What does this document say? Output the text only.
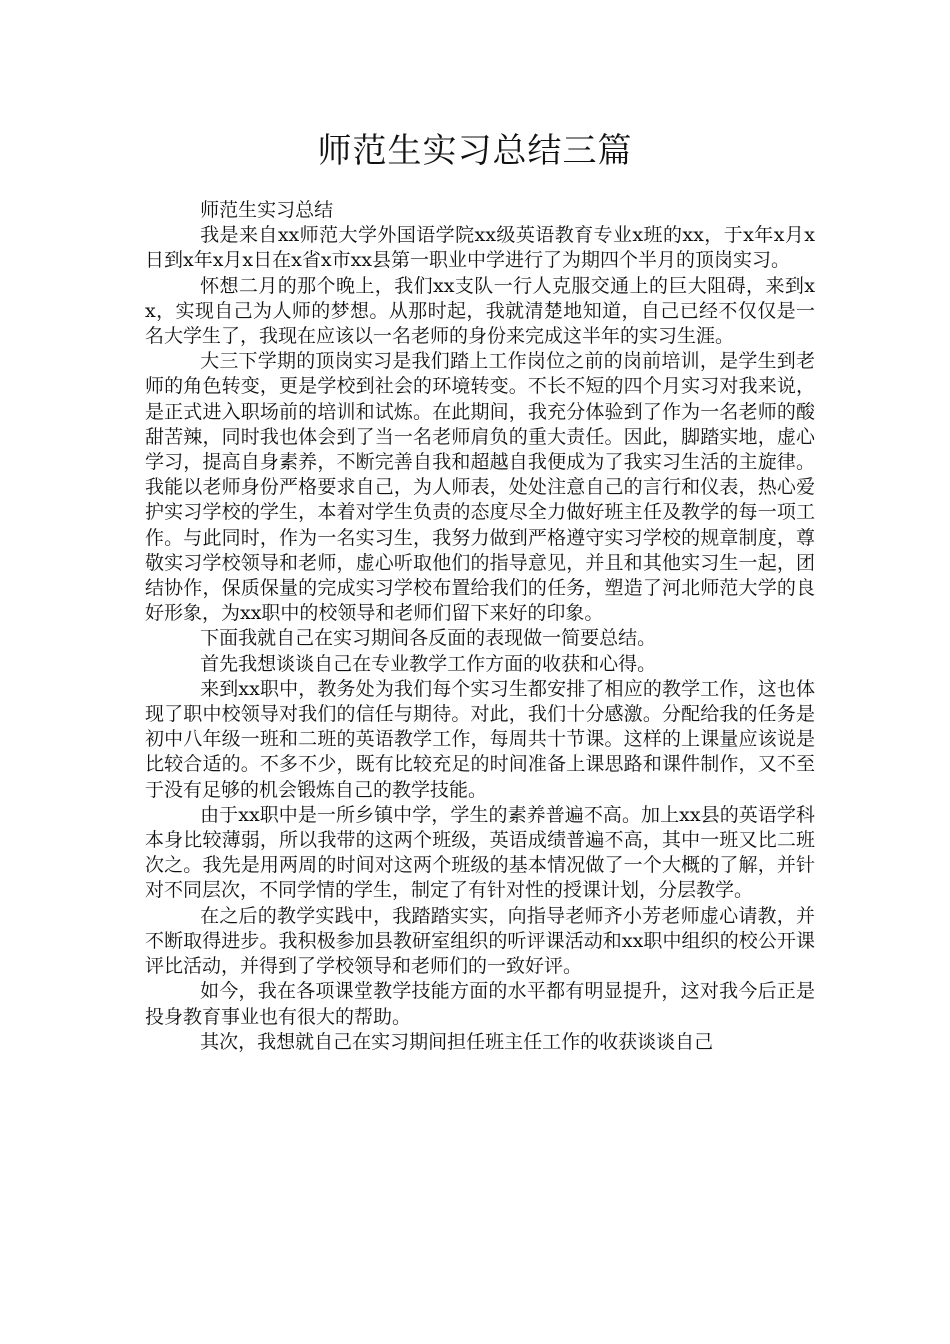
师范生实习总结三篇

师范生实习总结

我是来自xx师范大学外国语学院xx级英语教育专业x班的xx，于x年x月x日到x年x月x日在x省x市xx县第一职业中学进行了为期四个半月的顶岗实习。

怀想二月的那个晚上，我们xx支队一行人克服交通上的巨大阻碍，来到xx，实现自己为人师的梦想。从那时起，我就清楚地知道，自己已经不仅仅是一名大学生了，我现在应该以一名老师的身份来完成这半年的实习生涯。

大三下学期的顶岗实习是我们踏上工作岗位之前的岗前培训，是学生到老师的角色转变，更是学校到社会的环境转变。不长不短的四个月实习对我来说，是正式进入职场前的培训和试炼。在此期间，我充分体验到了作为一名老师的酸甜苦辣，同时我也体会到了当一名老师肩负的重大责任。因此，脚踏实地，虚心学习，提高自身素养，不断完善自我和超越自我便成为了我实习生活的主旋律。我能以老师身份严格要求自己，为人师表，处处注意自己的言行和仪表，热心爱护实习学校的学生，本着对学生负责的态度尽全力做好班主任及教学的每一项工作。与此同时，作为一名实习生，我努力做到严格遵守实习学校的规章制度，尊敬实习学校领导和老师，虚心听取他们的指导意见，并且和其他实习生一起，团结协作，保质保量的完成实习学校布置给我们的任务，塑造了河北师范大学的良好形象，为xx职中的校领导和老师们留下来好的印象。

下面我就自己在实习期间各反面的表现做一简要总结。

首先我想谈谈自己在专业教学工作方面的收获和心得。

来到xx职中，教务处为我们每个实习生都安排了相应的教学工作，这也体现了职中校领导对我们的信任与期待。对此，我们十分感激。分配给我的任务是初中八年级一班和二班的英语教学工作，每周共十节课。这样的上课量应该说是比较合适的。不多不少，既有比较充足的时间准备上课思路和课件制作，又不至于没有足够的机会锻炼自己的教学技能。

由于xx职中是一所乡镇中学，学生的素养普遍不高。加上xx县的英语学科本身比较薄弱，所以我带的这两个班级，英语成绩普遍不高，其中一班又比二班次之。我先是用两周的时间对这两个班级的基本情况做了一个大概的了解，并针对不同层次，不同学情的学生，制定了有针对性的授课计划，分层教学。

在之后的教学实践中，我踏踏实实，向指导老师齐小芳老师虚心请教，并不断取得进步。我积极参加县教研室组织的听评课活动和xx职中组织的校公开课评比活动，并得到了学校领导和老师们的一致好评。

如今，我在各项课堂教学技能方面的水平都有明显提升，这对我今后正是投身教育事业也有很大的帮助。

其次，我想就自己在实习期间担任班主任工作的收获谈谈自己
